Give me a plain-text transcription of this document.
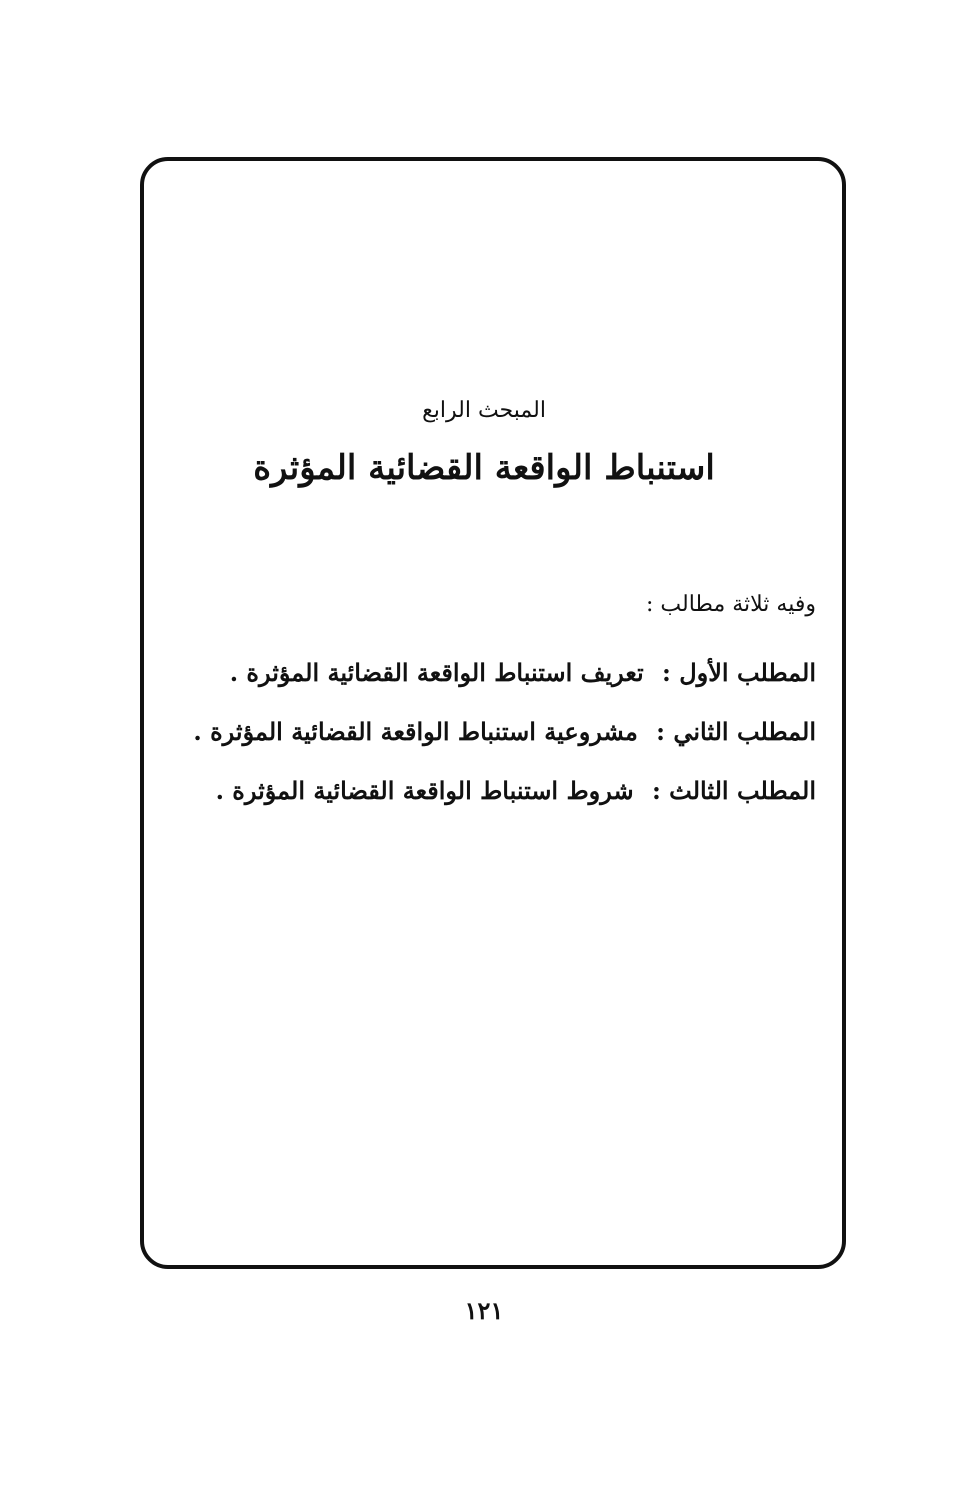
المبحث الرابع
استنباط الواقعة القضائية المؤثرة
وفيه ثلاثة مطالب :
المطلب الأول : تعريف استنباط الواقعة القضائية المؤثرة .
المطلب الثاني : مشروعية استنباط الواقعة القضائية المؤثرة .
المطلب الثالث : شروط استنباط الواقعة القضائية المؤثرة .
١٢١
